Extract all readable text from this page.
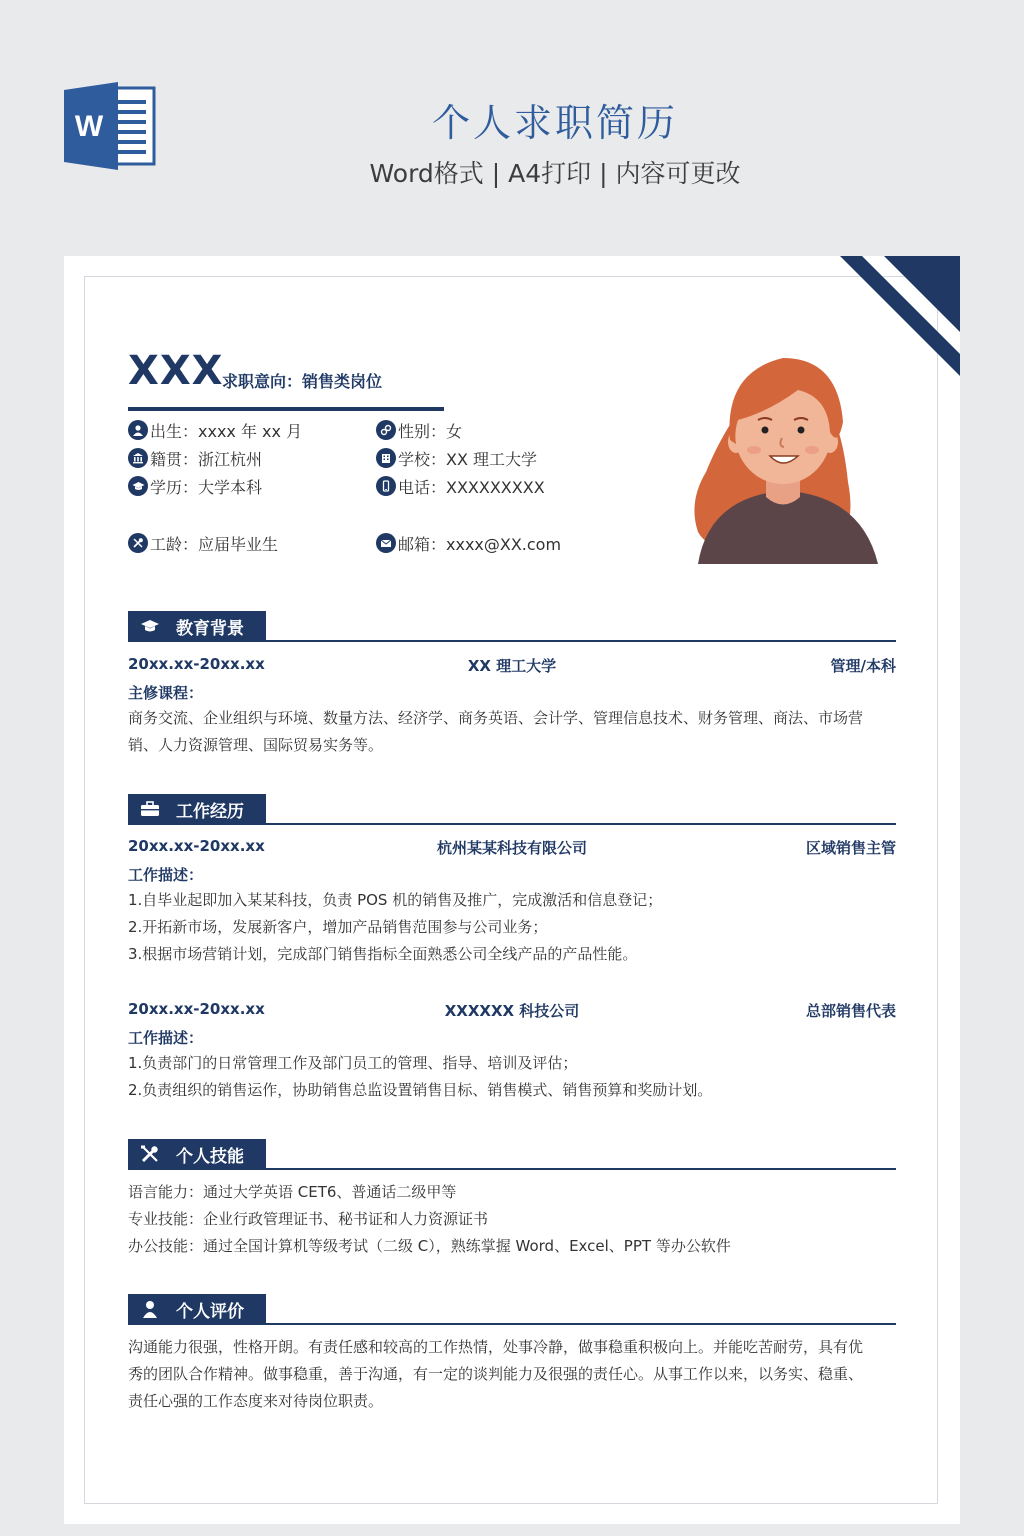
W	个人求职简历
Word格式 | A4打印 | 内容可更改
XXX
求职意向：销售类岗位
出生：xxxx 年 xx 月	性别：女
籍贯：浙江杭州	学校：XX 理工大学
学历：大学本科	电话：XXXXXXXXX
工龄：应届毕业生	邮箱：xxxx@XX.com
教育背景
20xx.xx-20xx.xx	XX 理工大学	管理/本科
主修课程：
商务交流、企业组织与环境、数量方法、经济学、商务英语、会计学、管理信息技术、财务管理、商法、市场营
销、人力资源管理、国际贸易实务等。
工作经历
20xx.xx-20xx.xx	杭州某某科技有限公司	区域销售主管
工作描述：
1.自毕业起即加入某某科技，负责 POS 机的销售及推广，完成激活和信息登记；
2.开拓新市场，发展新客户，增加产品销售范围参与公司业务；
3.根据市场营销计划，完成部门销售指标全面熟悉公司全线产品的产品性能。
20xx.xx-20xx.xx	XXXXXX 科技公司	总部销售代表
工作描述：
1.负责部门的日常管理工作及部门员工的管理、指导、培训及评估；
2.负责组织的销售运作，协助销售总监设置销售目标、销售模式、销售预算和奖励计划。
个人技能
语言能力：通过大学英语 CET6、普通话二级甲等
专业技能：企业行政管理证书、秘书证和人力资源证书
办公技能：通过全国计算机等级考试（二级 C），熟练掌握 Word、Excel、PPT 等办公软件
个人评价
沟通能力很强，性格开朗。有责任感和较高的工作热情，处事冷静，做事稳重积极向上。并能吃苦耐劳，具有优
秀的团队合作精神。做事稳重，善于沟通，有一定的谈判能力及很强的责任心。从事工作以来，以务实、稳重、
责任心强的工作态度来对待岗位职责。
